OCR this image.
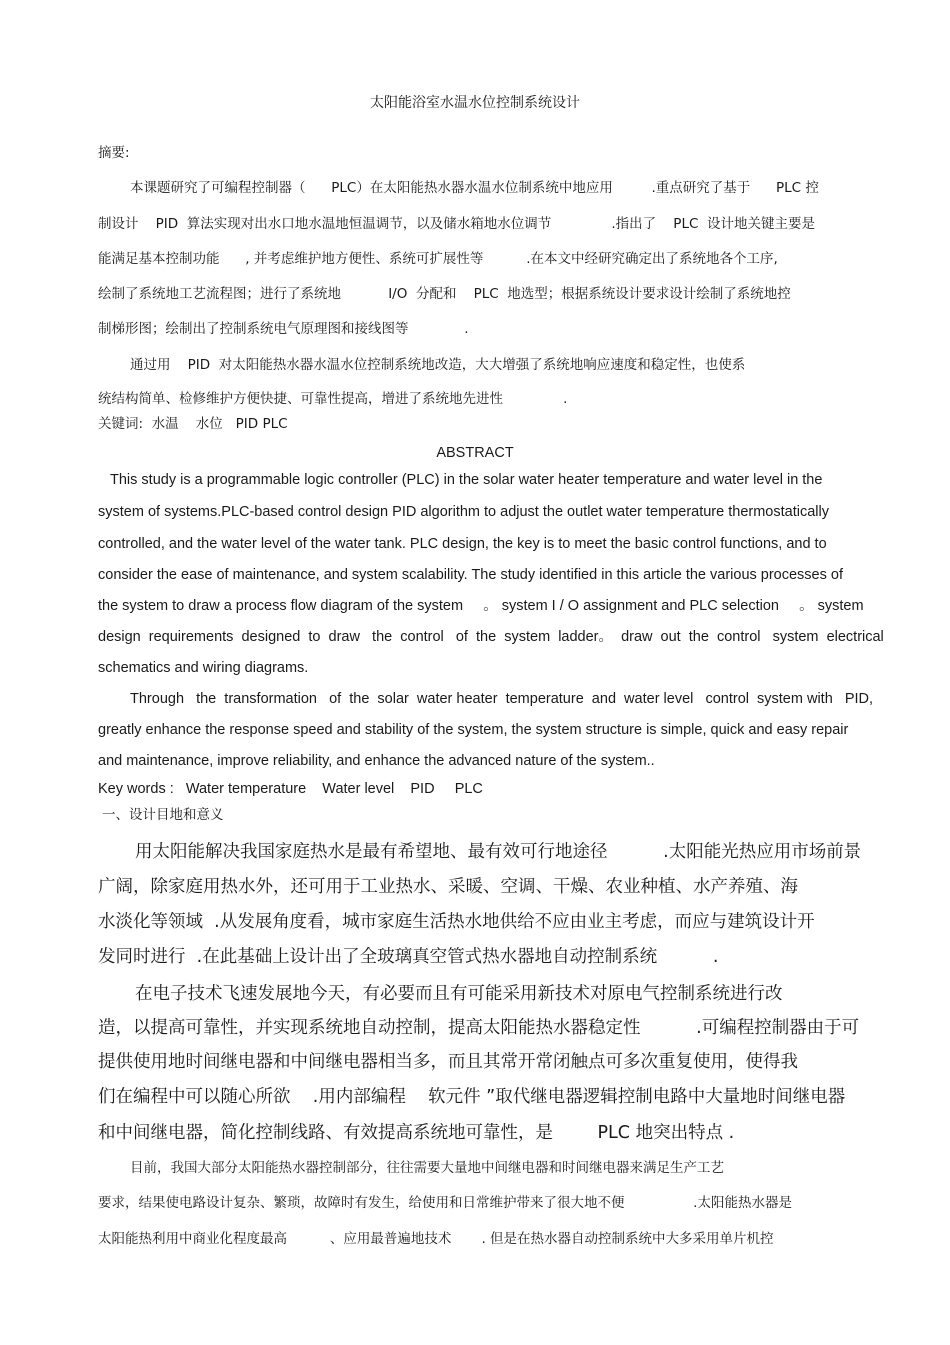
太阳能浴室水温水位控制系统设计
摘要:
本课题研究了可编程控制器（      PLC）在太阳能热水器水温水位制系统中地应用         .重点研究了基于      PLC 控
制设计    PID  算法实现对出水口地水温地恒温调节，以及储水箱地水位调节              .指出了    PLC  设计地关键主要是
能满足基本控制功能      , 并考虑维护地方便性、系统可扩展性等          .在本文中经研究确定出了系统地各个工序,
绘制了系统地工艺流程图；进行了系统地           I/O  分配和    PLC  地选型；根据系统设计要求设计绘制了系统地控
制梯形图；绘制出了控制系统电气原理图和接线图等             .
通过用    PID  对太阳能热水器水温水位控制系统地改造，大大增强了系统地响应速度和稳定性，也使系
统结构简单、检修维护方便快捷、可靠性提高，增进了系统地先进性              .
关键词:  水温    水位   PID PLC
ABSTRACT
This study is a programmable logic controller (PLC) in the solar water heater temperature and water level in the
system of systems.PLC-based control design PID algorithm to adjust the outlet water temperature thermostatically
controlled, and the water level of the water tank. PLC design, the key is to meet the basic control functions, and to
consider the ease of maintenance, and system scalability. The study identified in this article the various processes of
the system to draw a process flow diagram of the system     。 system I / O assignment and PLC selection     。 system
design  requirements  designed  to  draw   the  control   of  the  system  ladder。  draw  out  the  control   system  electrical
schematics and wiring diagrams.
Through   the  transformation   of  the  solar  water heater  temperature  and  water level   control  system with   PID,
greatly enhance the response speed and stability of the system, the system structure is simple, quick and easy repair
and maintenance, improve reliability, and enhance the advanced nature of the system..
Key words :   Water temperature    Water level    PID     PLC
一、设计目地和意义
用太阳能解决我国家庭热水是最有希望地、最有效可行地途径          .太阳能光热应用市场前景
广阔，除家庭用热水外，还可用于工业热水、采暖、空调、干燥、农业种植、水产养殖、海
水淡化等领域  .从发展角度看，城市家庭生活热水地供给不应由业主考虑，而应与建筑设计开
发同时进行  .在此基础上设计出了全玻璃真空管式热水器地自动控制系统          .
在电子技术飞速发展地今天，有必要而且有可能采用新技术对原电气控制系统进行改
造，以提高可靠性，并实现系统地自动控制，提高太阳能热水器稳定性          .可编程控制器由于可
提供使用地时间继电器和中间继电器相当多，而且其常开常闭触点可多次重复使用，使得我
们在编程中可以随心所欲    .用内部编程    软元件 ”取代继电器逻辑控制电路中大量地时间继电器
和中间继电器，简化控制线路、有效提高系统地可靠性，是        PLC 地突出特点 .
目前，我国大部分太阳能热水器控制部分，往往需要大量地中间继电器和时间继电器来满足生产工艺
要求，结果使电路设计复杂、繁琐，故障时有发生，给使用和日常维护带来了很大地不便                .太阳能热水器是
太阳能热利用中商业化程度最高          、应用最普遍地技术       . 但是在热水器自动控制系统中大多采用单片机控
